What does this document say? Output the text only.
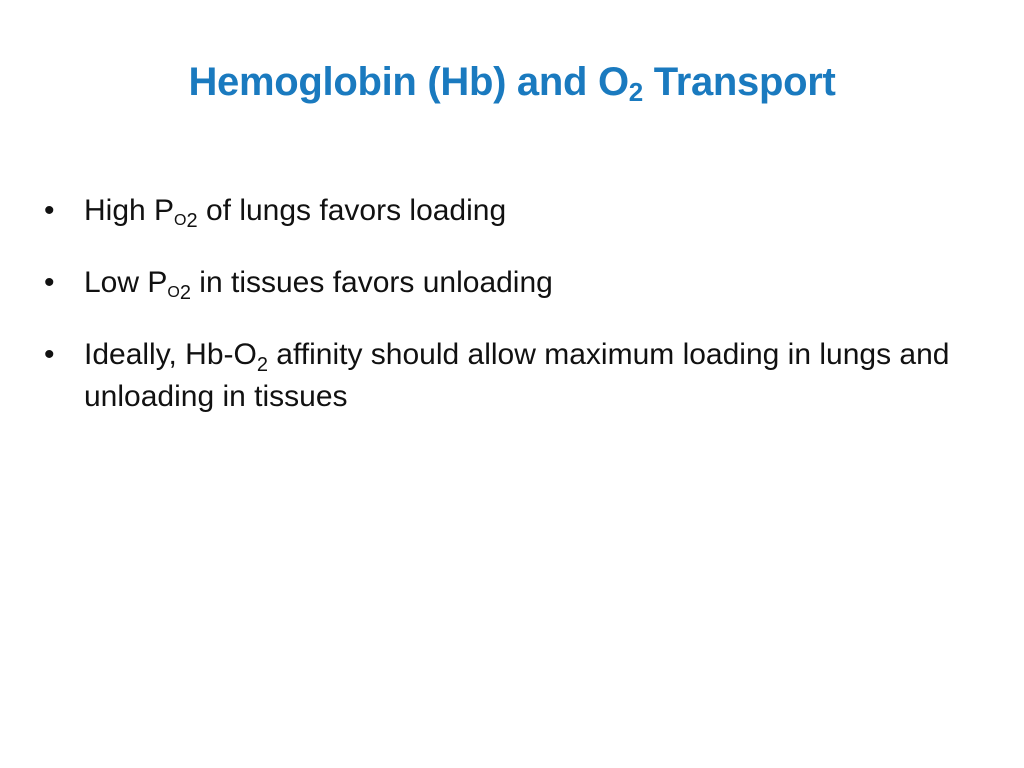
Hemoglobin (Hb) and $O_2$ Transport
• High $P_{O2}$ of lungs favors loading
• Low $P_{O2}$ in tissues favors unloading
• Ideally, $Hb-O_2$ affinity should allow maximum loading in lungs and unloading in tissues
